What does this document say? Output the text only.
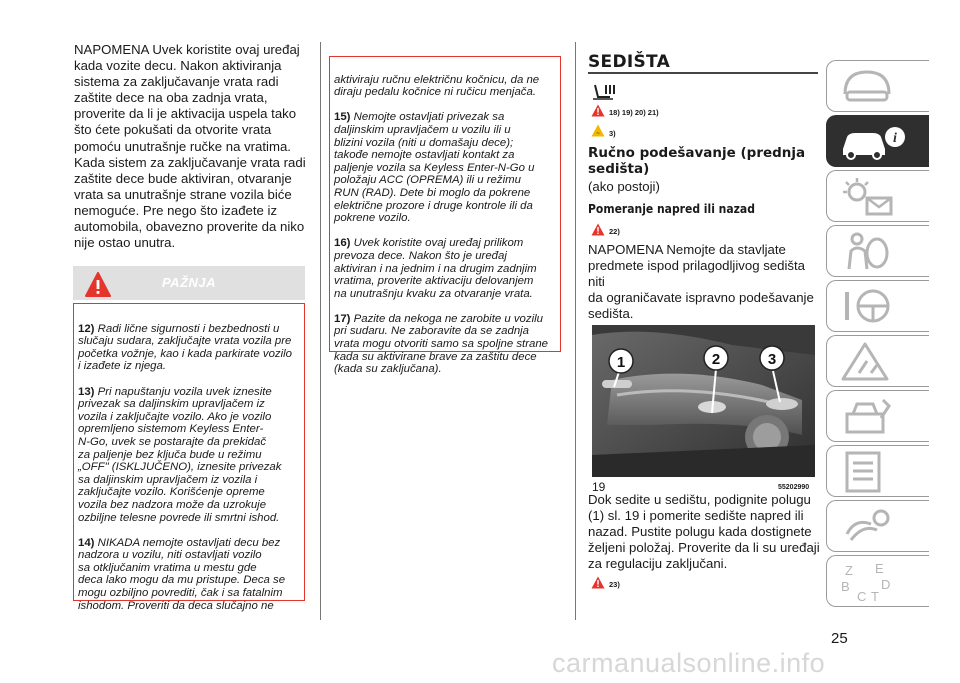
NAPOMENA Uvek koristite ovaj uređaj
kada vozite decu. Nakon aktiviranja
sistema za zaključavanje vrata radi
zaštite dece na oba zadnja vrata,
proverite da li je aktivacija uspela tako
što ćete pokušati da otvorite vrata
pomoću unutrašnje ručke na vratima.
Kada sistem za zaključavanje vrata radi
zaštite dece bude aktiviran, otvaranje
vrata sa unutrašnje strane vozila biće
nemoguće. Pre nego što izađete iz
automobila, obavezno proverite da niko
nije ostao unutra.
PAŽNJA

12) Radi lične sigurnosti i bezbednosti u
slučaju sudara, zaključajte vrata vozila pre
početka vožnje, kao i kada parkirate vozilo
i izađete iz njega.

13) Pri napuštanju vozila uvek iznesite
privezak sa daljinskim upravljačem iz
vozila i zaključajte vozilo. Ako je vozilo
opremljeno sistemom Keyless Enter-
N-Go, uvek se postarajte da prekidač
za paljenje bez ključa bude u režimu
„OFF" (ISKLJUČENO), iznesite privezak
sa daljinskim upravljačem iz vozila i
zaključajte vozilo. Korišćenje opreme
vozila bez nadzora može da uzrokuje
ozbiljne telesne povrede ili smrtni ishod.

14) NIKADA nemojte ostavljati decu bez
nadzora u vozilu, niti ostavljati vozilo
sa otključanim vratima u mestu gde
deca lako mogu da mu pristupe. Deca se
mogu ozbiljno povrediti, čak i sa fatalnim
ishodom. Proveriti da deca slučajno ne

aktiviraju ručnu električnu kočnicu, da ne
diraju pedalu kočnice ni ručicu menjača.

15) Nemojte ostavljati privezak sa
daljinskim upravljačem u vozilu ili u
blizini vozila (niti u domašaju dece);
takođe nemojte ostavljati kontakt za
paljenje vozila sa Keyless Enter-N-Go u
položaju ACC (OPREMA) ili u režimu
RUN (RAD). Dete bi moglo da pokrene
električne prozore i druge kontrole ili da
pokrene vozilo.

16) Uvek koristite ovaj uređaj prilikom
prevoza dece. Nakon što je uređaj
aktiviran i na jednim i na drugim zadnjim
vratima, proverite aktivaciju delovanjem
na unutrašnju kvaku za otvaranje vrata.

17) Pazite da nekoga ne zarobite u vozilu
pri sudaru. Ne zaboravite da se zadnja
vrata mogu otvoriti samo sa spoljne strane
kada su aktivirane brave za zaštitu dece
(kada su zaključana).

SEDIŠTA
18) 19) 20) 21)
~ 3)
Ručno podešavanje (prednja
sedišta)
(ako postoji)
Pomeranje napred ili nazad
22)
NAPOMENA Nemojte da stavljate
predmete ispod prilagodljivog sedišta niti
da ograničavate ispravno podešavanje
sedišta.
1	2	3
19	55202990
Dok sedite u sedištu, podignite polugu
(1) sl. 19 i pomerite sedište napred ili
nazad. Pustite polugu kada dostignete
željeni položaj. Proverite da li su uređaji
za regulaciju zaključani.
23)
i
Z E
B D
C T
25
carmanualsonline.info
